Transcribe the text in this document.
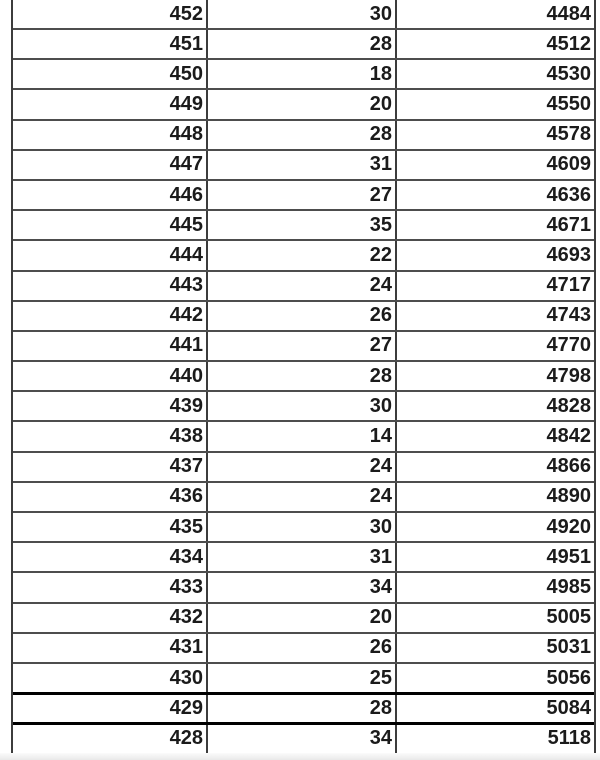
452	30	4484
451	28	4512
450	18	4530
449	20	4550
448	28	4578
447	31	4609
446	27	4636
445	35	4671
444	22	4693
443	24	4717
442	26	4743
441	27	4770
440	28	4798
439	30	4828
438	14	4842
437	24	4866
436	24	4890
435	30	4920
434	31	4951
433	34	4985
432	20	5005
431	26	5031
430	25	5056
429	28	5084
428	34	5118
